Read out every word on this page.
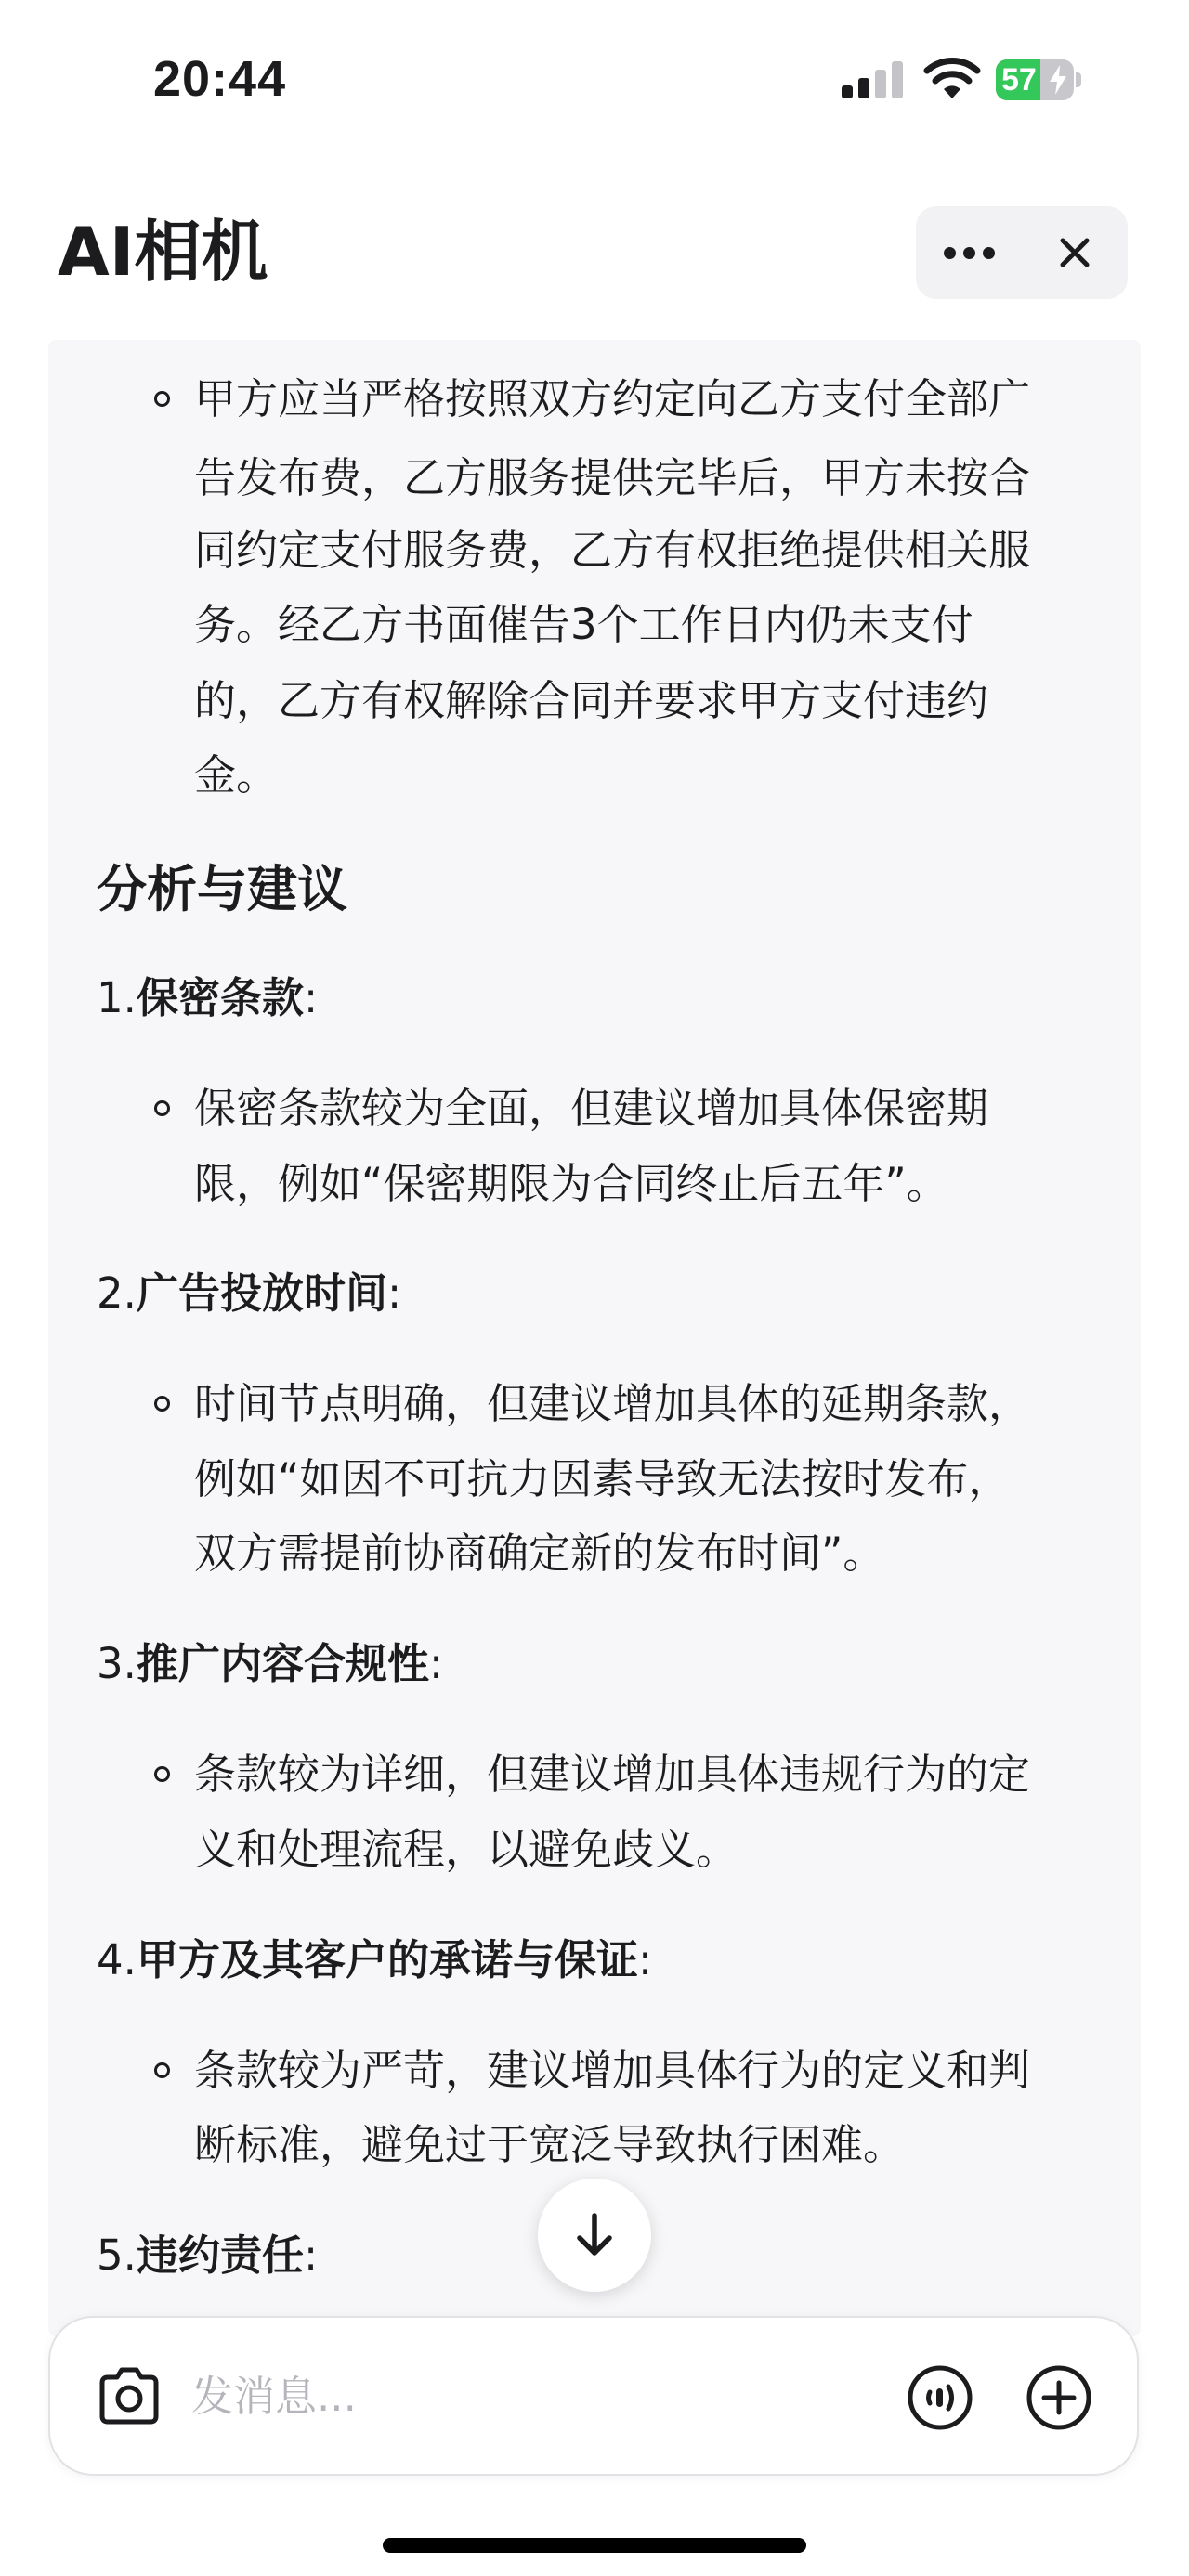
20:44	57
AI相机
甲方应当严格按照双方约定向乙方支付全部广
告发布费，乙方服务提供完毕后，甲方未按合
同约定支付服务费，乙方有权拒绝提供相关服
务。经乙方书面催告3个工作日内仍未支付
的，乙方有权解除合同并要求甲方支付违约
金。
分析与建议
1.保密条款:
保密条款较为全面，但建议增加具体保密期
限，例如“保密期限为合同终止后五年”。
2.广告投放时间:
时间节点明确，但建议增加具体的延期条款，
例如“如因不可抗力因素导致无法按时发布，
双方需提前协商确定新的发布时间”。
3.推广内容合规性:
条款较为详细，但建议增加具体违规行为的定
义和处理流程，以避免歧义。
4.甲方及其客户的承诺与保证:
条款较为严苛，建议增加具体行为的定义和判
断标准，避免过于宽泛导致执行困难。
5.违约责任:
发消息...
